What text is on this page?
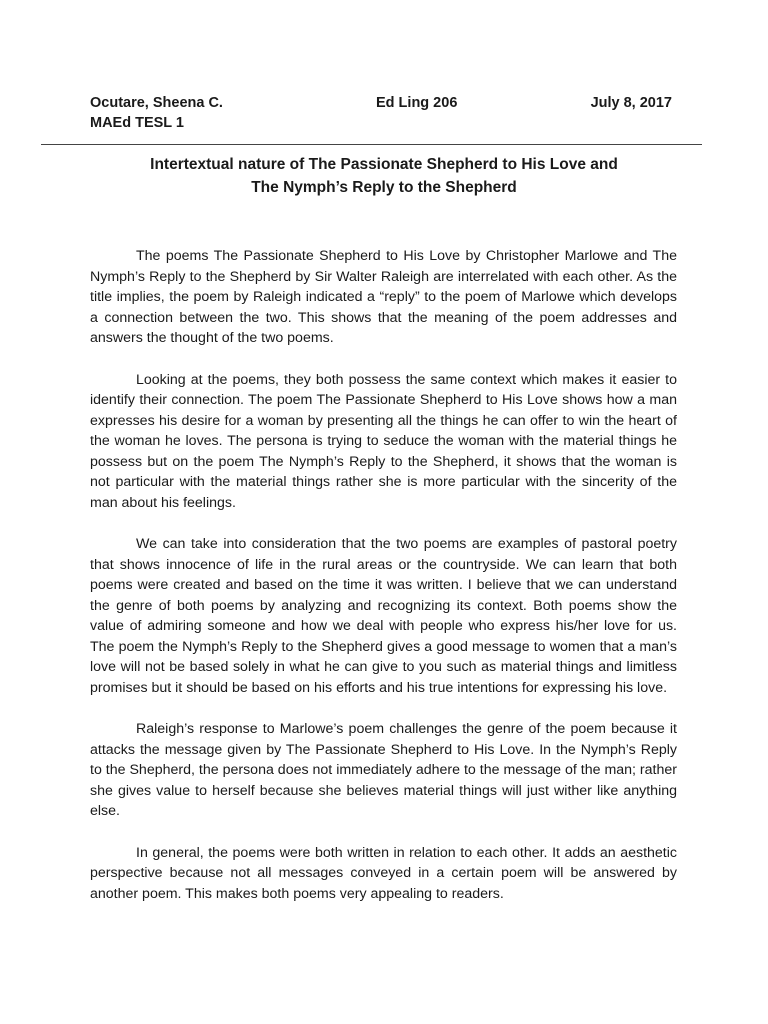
Ocutare, Sheena C.	Ed Ling 206	July 8, 2017
MAEd TESL 1
Intertextual nature of The Passionate Shepherd to His Love and
The Nymph’s Reply to the Shepherd

The poems The Passionate Shepherd to His Love by Christopher Marlowe and The Nymph’s Reply to the Shepherd by Sir Walter Raleigh are interrelated with each other. As the title implies, the poem by Raleigh indicated a “reply” to the poem of Marlowe which develops a connection between the two. This shows that the meaning of the poem addresses and answers the thought of the two poems.

Looking at the poems, they both possess the same context which makes it easier to identify their connection. The poem The Passionate Shepherd to His Love shows how a man expresses his desire for a woman by presenting all the things he can offer to win the heart of the woman he loves. The persona is trying to seduce the woman with the material things he possess but on the poem The Nymph’s Reply to the Shepherd, it shows that the woman is not particular with the material things rather she is more particular with the sincerity of the man about his feelings.

We can take into consideration that the two poems are examples of pastoral poetry that shows innocence of life in the rural areas or the countryside. We can learn that both poems were created and based on the time it was written. I believe that we can understand the genre of both poems by analyzing and recognizing its context. Both poems show the value of admiring someone and how we deal with people who express his/her love for us. The poem the Nymph’s Reply to the Shepherd gives a good message to women that a man’s love will not be based solely in what he can give to you such as material things and limitless promises but it should be based on his efforts and his true intentions for expressing his love.

Raleigh’s response to Marlowe’s poem challenges the genre of the poem because it attacks the message given by The Passionate Shepherd to His Love. In the Nymph’s Reply to the Shepherd, the persona does not immediately adhere to the message of the man; rather she gives value to herself because she believes material things will just wither like anything else.

In general, the poems were both written in relation to each other. It adds an aesthetic perspective because not all messages conveyed in a certain poem will be answered by another poem. This makes both poems very appealing to readers.
